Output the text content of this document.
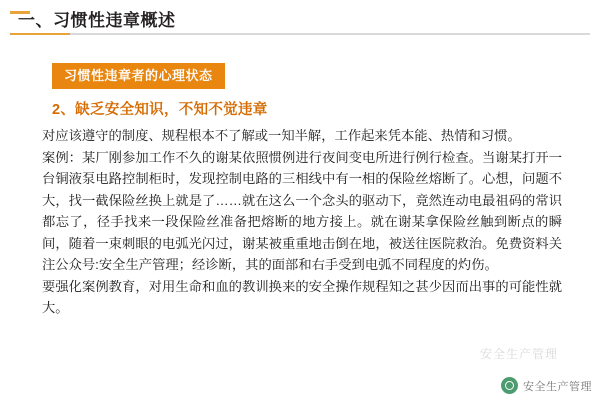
一、习惯性违章概述
习惯性违章者的心理状态
2、缺乏安全知识，不知不觉违章

对应该遵守的制度、规程根本不了解或一知半解，工作起来凭本能、热情和习惯。

案例：某厂刚参加工作不久的谢某依照惯例进行夜间变电所进行例行检查。当谢某打开一台铜液泵电路控制柜时，发现控制电路的三相线中有一相的保险丝熔断了。心想，问题不大，找一截保险丝换上就是了……就在这么一个念头的驱动下，竟然连动电最祖码的常识都忘了，径手找来一段保险丝准备把熔断的地方接上。就在谢某拿保险丝触到断点的瞬间，随着一束刺眼的电弧光闪过，谢某被重重地击倒在地，被送往医院救治。免费资料关注公众号:安全生产管理；经诊断，其的面部和右手受到电弧不同程度的灼伤。

要强化案例教育，对用生命和血的教训换来的安全操作规程知之甚少因而出事的可能性就大。

安全生产管理
安全生产管理
